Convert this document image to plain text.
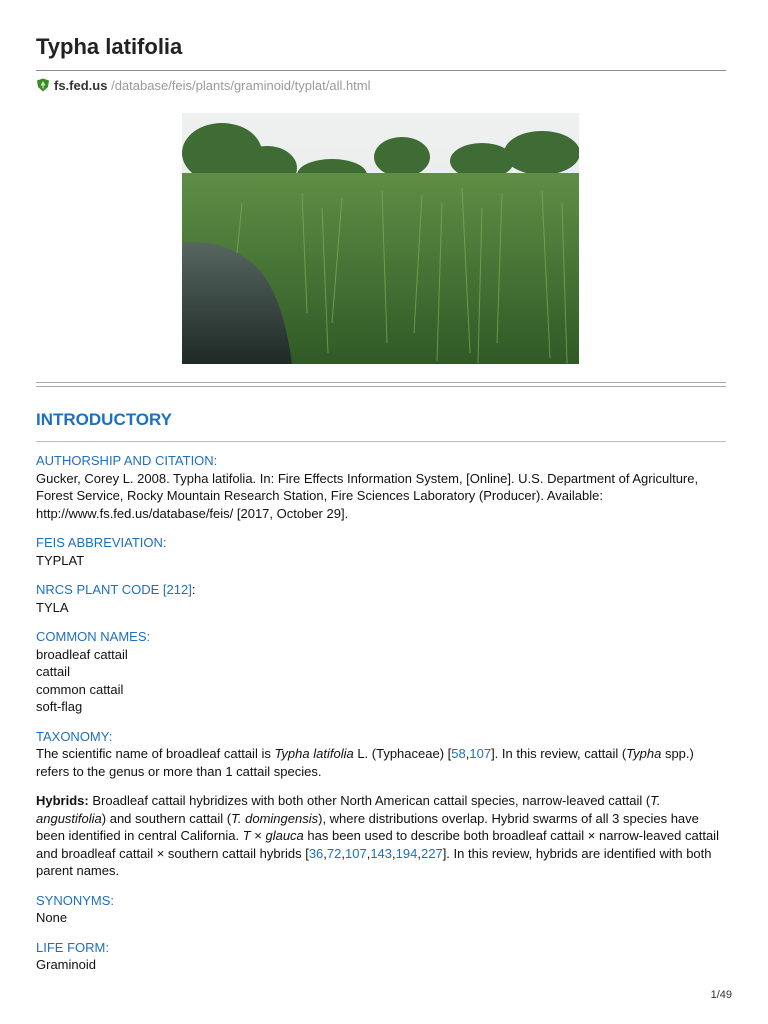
Typha latifolia
fs.fed.us /database/feis/plants/graminoid/typlat/all.html
INTRODUCTORY
AUTHORSHIP AND CITATION:

Gucker, Corey L. 2008. Typha latifolia. In: Fire Effects Information System, [Online]. U.S. Department of Agriculture, Forest Service, Rocky Mountain Research Station, Fire Sciences Laboratory (Producer). Available: http://www.fs.fed.us/database/feis/ [2017, October 29].

FEIS ABBREVIATION:

TYPLAT

NRCS PLANT CODE [212]:

TYLA

COMMON NAMES:

broadleaf cattail

cattail

common cattail

soft-flag

TAXONOMY:

The scientific name of broadleaf cattail is Typha latifolia L. (Typhaceae) [58,107]. In this review, cattail (Typha spp.) refers to the genus or more than 1 cattail species.

Hybrids: Broadleaf cattail hybridizes with both other North American cattail species, narrow-leaved cattail (T. angustifolia) and southern cattail (T. domingensis), where distributions overlap. Hybrid swarms of all 3 species have been identified in central California. T × glauca has been used to describe both broadleaf cattail × narrow-leaved cattail and broadleaf cattail × southern cattail hybrids [36,72,107,143,194,227]. In this review, hybrids are identified with both parent names.

SYNONYMS:

None

LIFE FORM:

Graminoid

1/49
